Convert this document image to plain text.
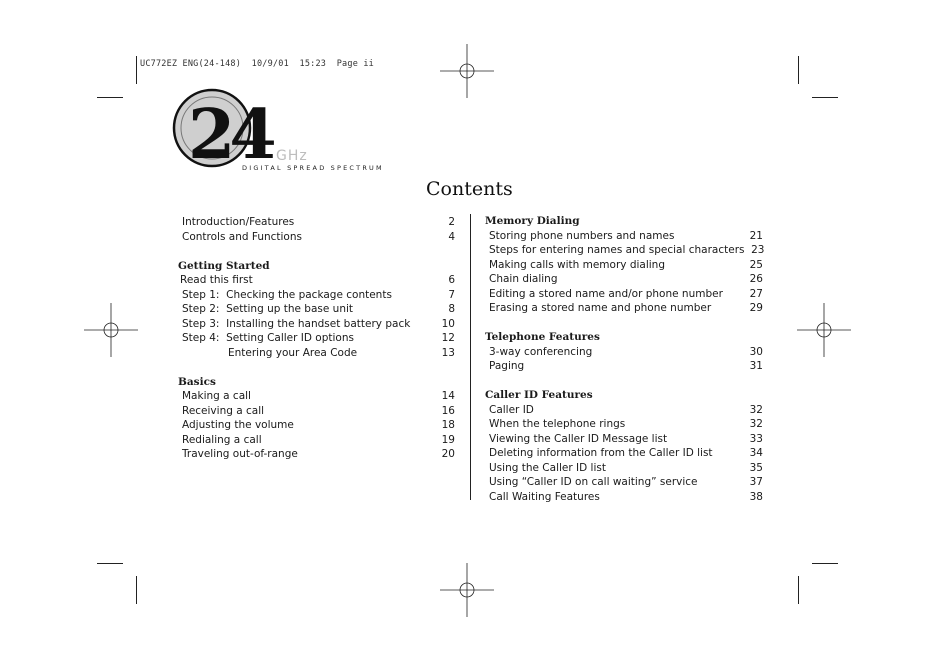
UC772EZ ENG(24-148)  10/9/01  15:23  Page ii
24 GHz
DIGITAL SPREAD SPECTRUM
Contents
Introduction/Features	2
Controls and Functions	4
Getting Started
Read this first	6
Step 1:  Checking the package contents	7
Step 2:  Setting up the base unit	8
Step 3:  Installing the handset battery pack	10
Step 4:  Setting Caller ID options	12
Entering your Area Code	13
Basics
Making a call	14
Receiving a call	16
Adjusting the volume	18
Redialing a call	19
Traveling out-of-range	20
Memory Dialing
Storing phone numbers and names	21
Steps for entering names and special characters 23
Making calls with memory dialing	25
Chain dialing	26
Editing a stored name and/or phone number	27
Erasing a stored name and phone number	29
Telephone Features
3-way conferencing	30
Paging	31
Caller ID Features
Caller ID	32
When the telephone rings	32
Viewing the Caller ID Message list	33
Deleting information from the Caller ID list	34
Using the Caller ID list	35
Using “Caller ID on call waiting” service	37
Call Waiting Features	38
